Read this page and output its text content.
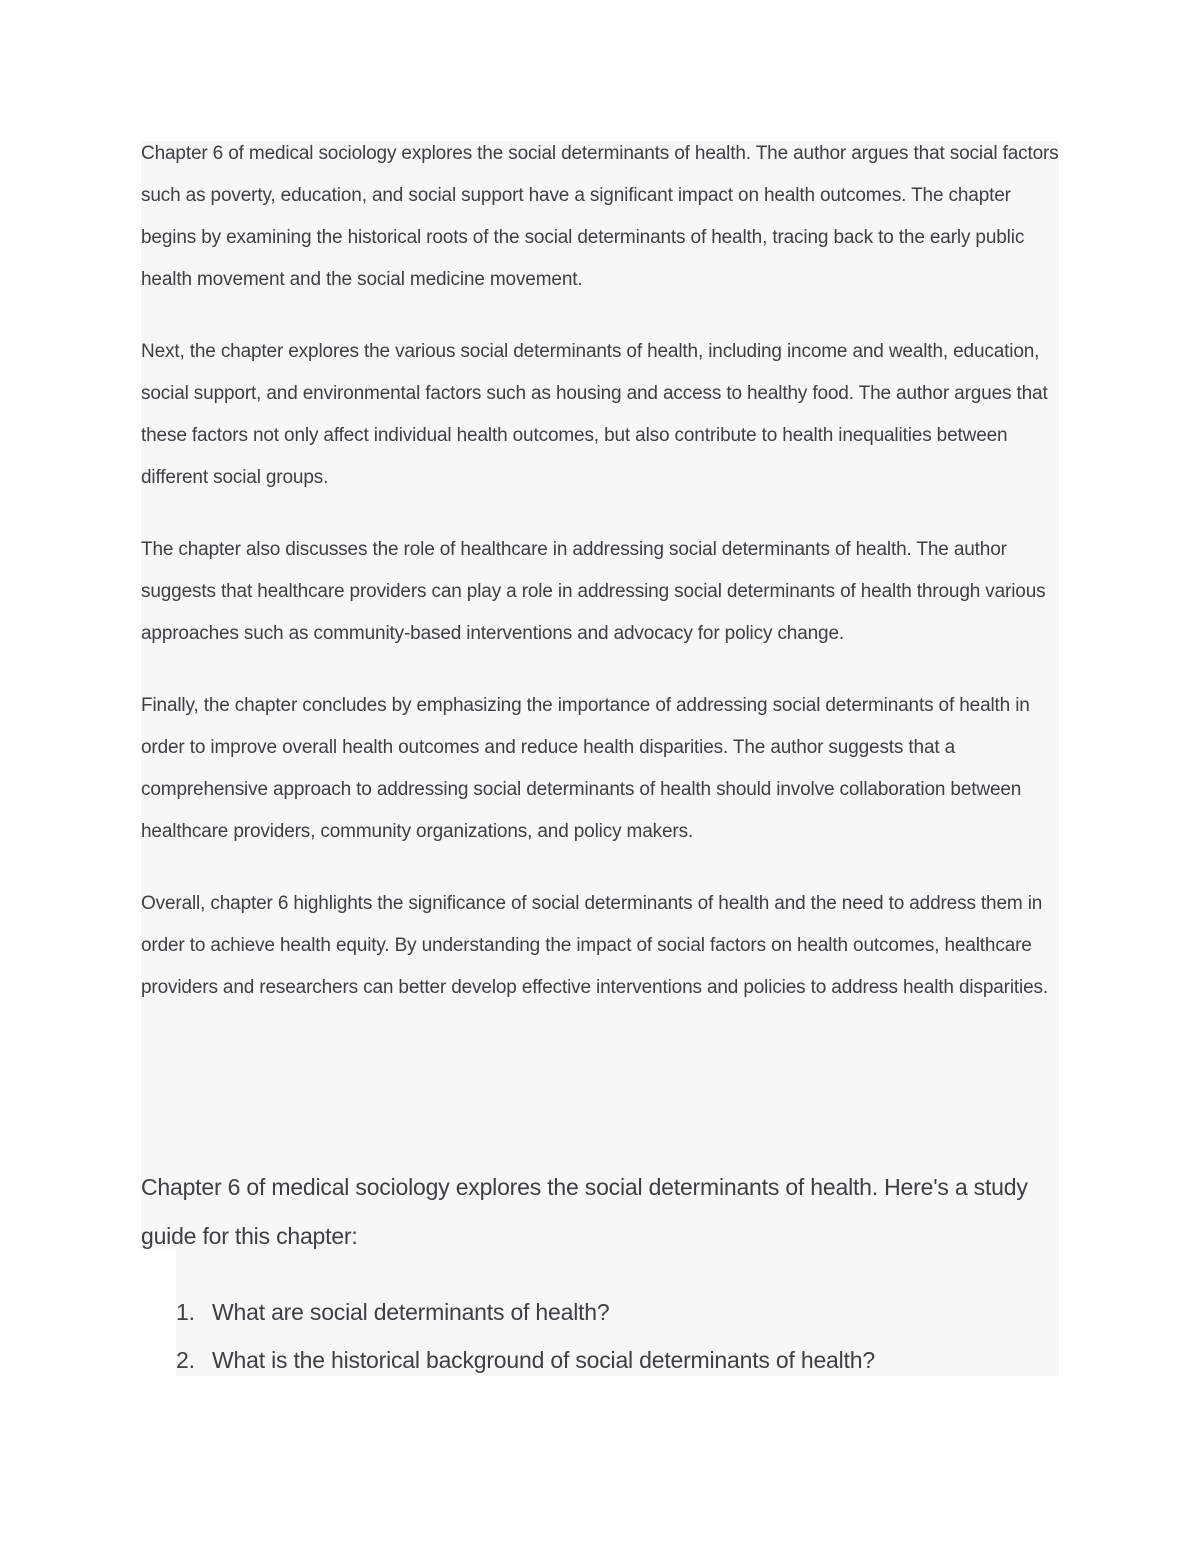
Chapter 6 of medical sociology explores the social determinants of health. The author argues that social factors such as poverty, education, and social support have a significant impact on health outcomes. The chapter begins by examining the historical roots of the social determinants of health, tracing back to the early public health movement and the social medicine movement.

Next, the chapter explores the various social determinants of health, including income and wealth, education, social support, and environmental factors such as housing and access to healthy food. The author argues that these factors not only affect individual health outcomes, but also contribute to health inequalities between different social groups.

The chapter also discusses the role of healthcare in addressing social determinants of health. The author suggests that healthcare providers can play a role in addressing social determinants of health through various approaches such as community-based interventions and advocacy for policy change.

Finally, the chapter concludes by emphasizing the importance of addressing social determinants of health in order to improve overall health outcomes and reduce health disparities. The author suggests that a comprehensive approach to addressing social determinants of health should involve collaboration between healthcare providers, community organizations, and policy makers.

Overall, chapter 6 highlights the significance of social determinants of health and the need to address them in order to achieve health equity. By understanding the impact of social factors on health outcomes, healthcare providers and researchers can better develop effective interventions and policies to address health disparities.

Chapter 6 of medical sociology explores the social determinants of health. Here's a study guide for this chapter:

1. What are social determinants of health?
2. What is the historical background of social determinants of health?
